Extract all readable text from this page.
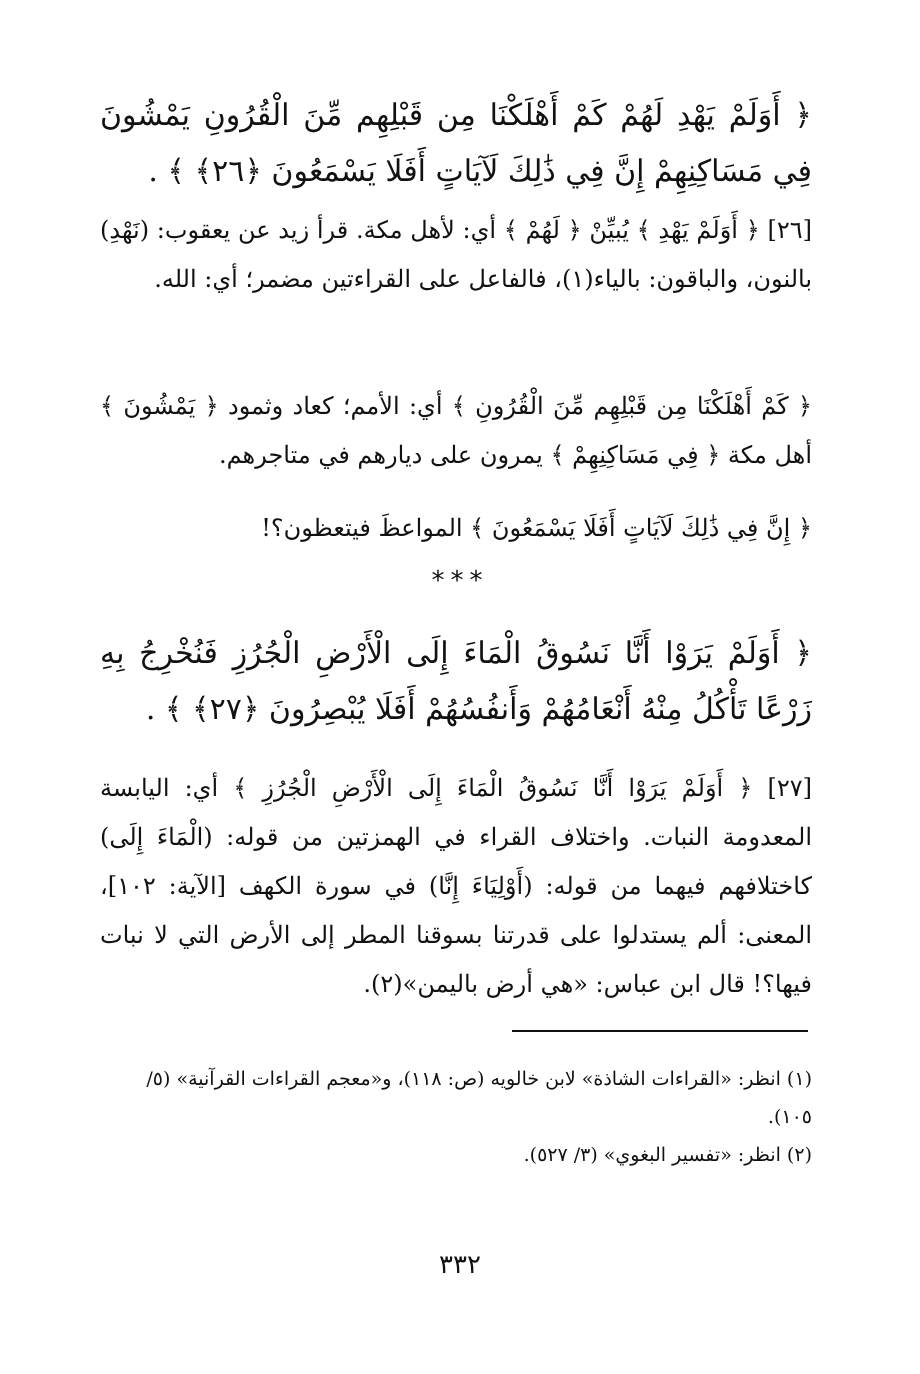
﴿ أَوَلَمْ يَهْدِ لَهُمْ كَمْ أَهْلَكْنَا مِن قَبْلِهِم مِّنَ الْقُرُونِ يَمْشُونَ فِي مَسَاكِنِهِمْ إِنَّ فِي ذَٰلِكَ لَآيَاتٍ أَفَلَا يَسْمَعُونَ ﴿٢٦﴾ ﴾ .
[٢٦] ﴿ أَوَلَمْ يَهْدِ ﴾ يُبيِّنْ ﴿ لَهُمْ ﴾ أي: لأهل مكة. قرأ زيد عن يعقوب: (نَهْدِ) بالنون، والباقون: بالياء(١)، فالفاعل على القراءتين مضمر؛ أي: الله.
﴿ كَمْ أَهْلَكْنَا مِن قَبْلِهِم مِّنَ الْقُرُونِ ﴾ أي: الأمم؛ كعاد وثمود ﴿ يَمْشُونَ ﴾ أهل مكة ﴿ فِي مَسَاكِنِهِمْ ﴾ يمرون على ديارهم في متاجرهم.
﴿ إِنَّ فِي ذَٰلِكَ لَآيَاتٍ أَفَلَا يَسْمَعُونَ ﴾ المواعظَ فيتعظون؟!
***
﴿ أَوَلَمْ يَرَوْا أَنَّا نَسُوقُ الْمَاءَ إِلَى الْأَرْضِ الْجُرُزِ فَنُخْرِجُ بِهِ زَرْعًا تَأْكُلُ مِنْهُ أَنْعَامُهُمْ وَأَنفُسُهُمْ أَفَلَا يُبْصِرُونَ ﴿٢٧﴾ ﴾ .
[٢٧] ﴿ أَوَلَمْ يَرَوْا أَنَّا نَسُوقُ الْمَاءَ إِلَى الْأَرْضِ الْجُرُزِ ﴾ أي: اليابسة المعدومة النبات. واختلاف القراء في الهمزتين من قوله: (الْمَاءَ إِلَى) كاختلافهم فيهما من قوله: (أَوْلِيَاءَ إِنَّا) في سورة الكهف [الآية: ١٠٢]، المعنى: ألم يستدلوا على قدرتنا بسوقنا المطر إلى الأرض التي لا نبات فيها؟! قال ابن عباس: «هي أرض باليمن»(٢).
(١) انظر: «القراءات الشاذة» لابن خالويه (ص: ١١٨)، و«معجم القراءات القرآنية» (٥/ ١٠٥).
(٢) انظر: «تفسير البغوي» (٣/ ٥٢٧).
٣٣٢
